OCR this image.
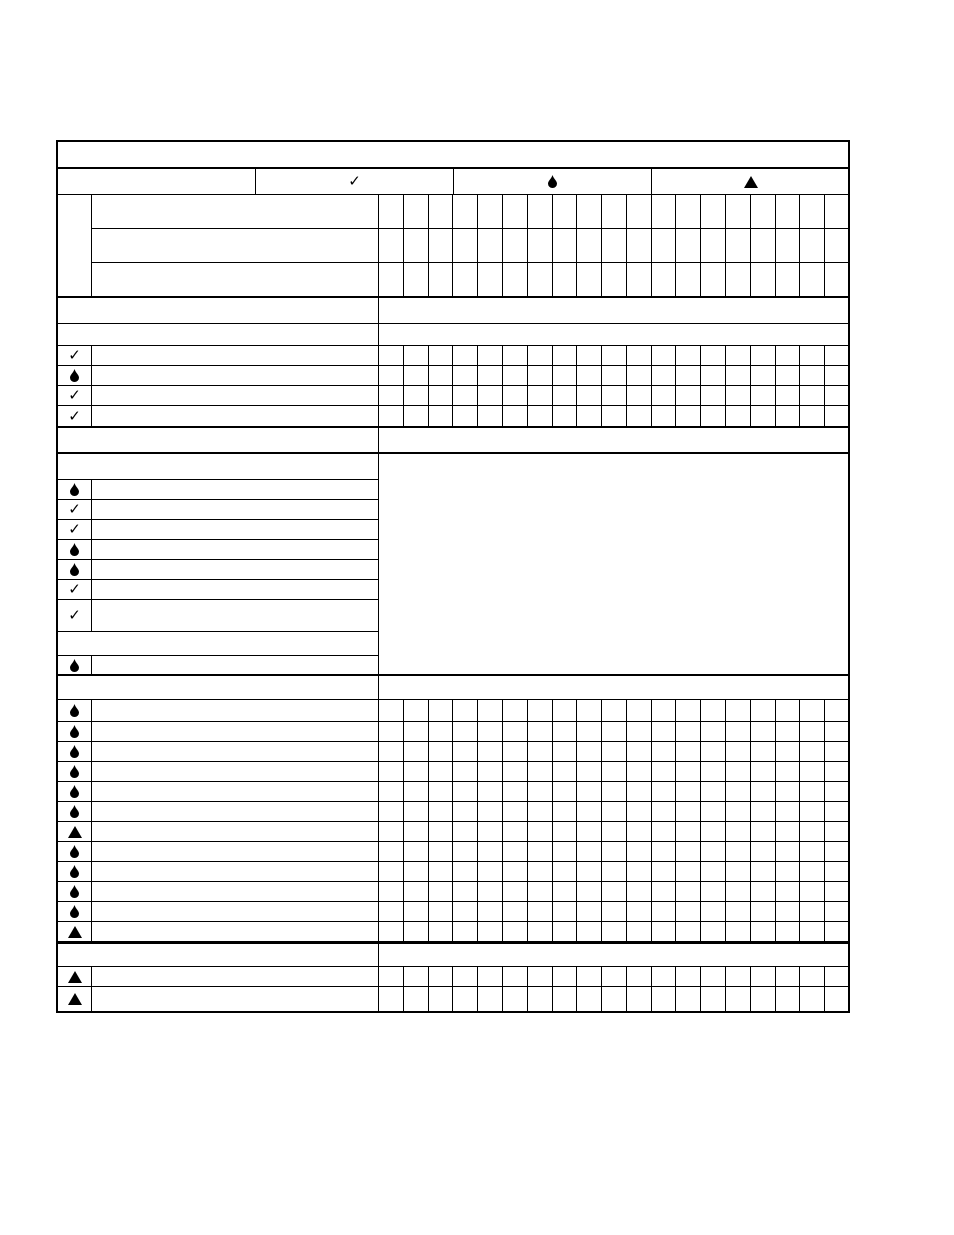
✓
✓
✓
✓
✓
✓
✓
✓
